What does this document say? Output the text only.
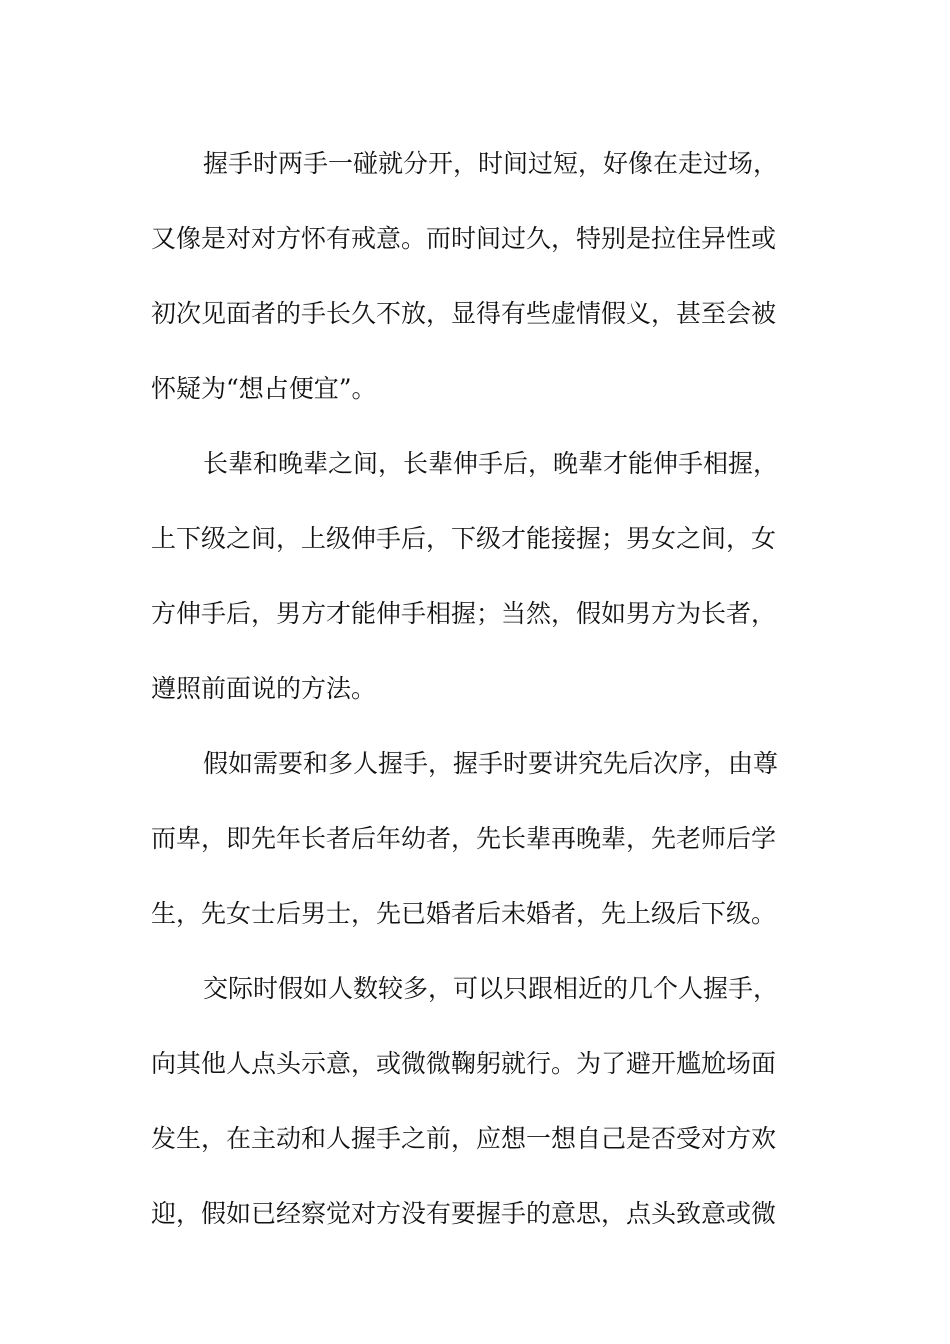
握手时两手一碰就分开，时间过短，好像在走过场，
又像是对对方怀有戒意。而时间过久，特别是拉住异性或
初次见面者的手长久不放，显得有些虚情假义，甚至会被
怀疑为“想占便宜”。
长辈和晚辈之间，长辈伸手后，晚辈才能伸手相握，
上下级之间，上级伸手后，下级才能接握；男女之间，女
方伸手后，男方才能伸手相握；当然，假如男方为长者，
遵照前面说的方法。
假如需要和多人握手，握手时要讲究先后次序，由尊
而卑，即先年长者后年幼者，先长辈再晚辈，先老师后学
生，先女士后男士，先已婚者后未婚者，先上级后下级。
交际时假如人数较多，可以只跟相近的几个人握手，
向其他人点头示意，或微微鞠躬就行。为了避开尴尬场面
发生，在主动和人握手之前，应想一想自己是否受对方欢
迎，假如已经察觉对方没有要握手的意思，点头致意或微
